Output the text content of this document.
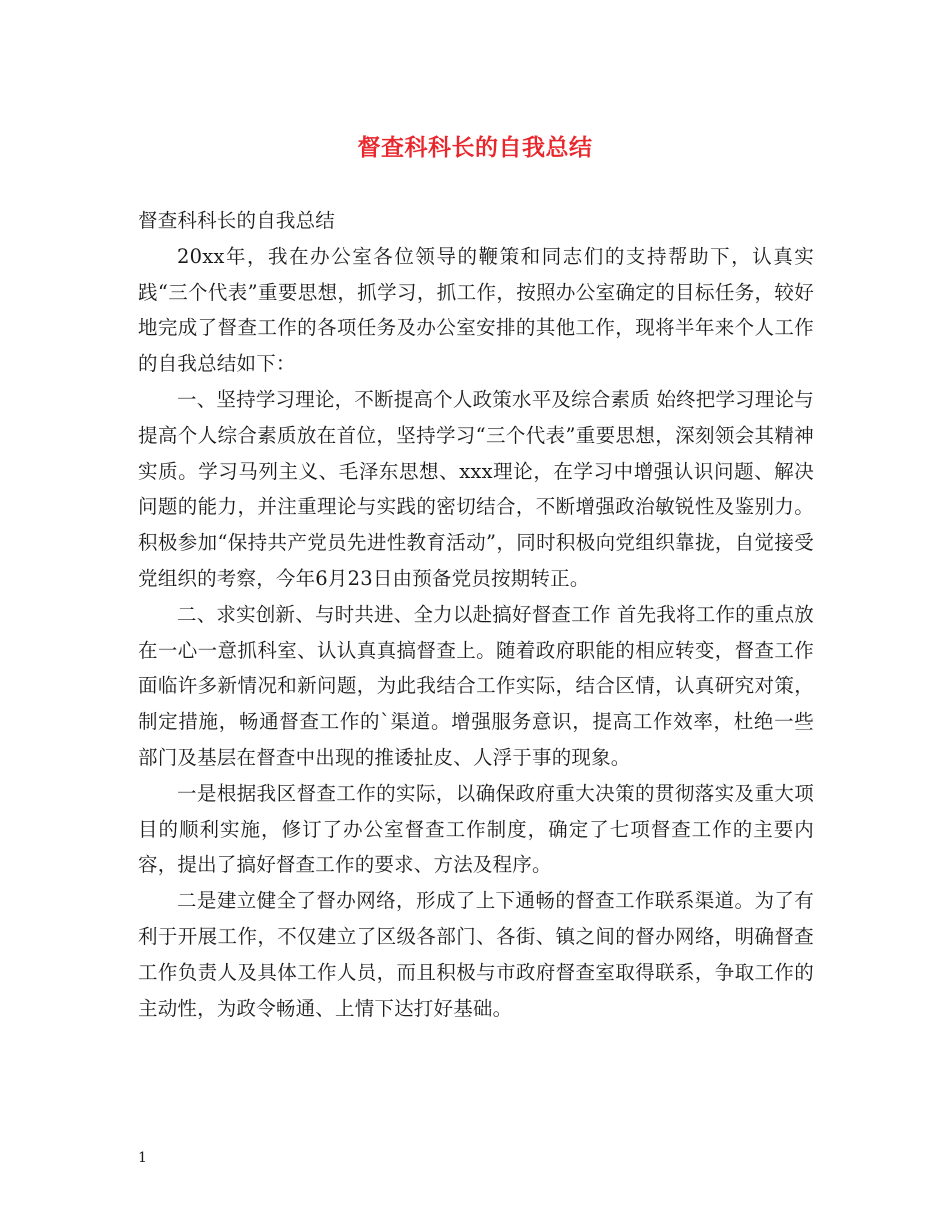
督查科科长的自我总结

督查科科长的自我总结

20xx年，我在办公室各位领导的鞭策和同志们的支持帮助下，认真实践“三个代表”重要思想，抓学习，抓工作，按照办公室确定的目标任务，较好地完成了督查工作的各项任务及办公室安排的其他工作，现将半年来个人工作的自我总结如下：

一、坚持学习理论，不断提高个人政策水平及综合素质 始终把学习理论与提高个人综合素质放在首位，坚持学习“三个代表”重要思想，深刻领会其精神实质。学习马列主义、毛泽东思想、xxx理论，在学习中增强认识问题、解决问题的能力，并注重理论与实践的密切结合，不断增强政治敏锐性及鉴别力。积极参加“保持共产党员先进性教育活动”，同时积极向党组织靠拢，自觉接受党组织的考察，今年6月23日由预备党员按期转正。

二、求实创新、与时共进、全力以赴搞好督查工作 首先我将工作的重点放在一心一意抓科室、认认真真搞督查上。随着政府职能的相应转变，督查工作面临许多新情况和新问题，为此我结合工作实际，结合区情，认真研究对策，制定措施，畅通督查工作的`渠道。增强服务意识，提高工作效率，杜绝一些部门及基层在督查中出现的推诿扯皮、人浮于事的现象。

一是根据我区督查工作的实际，以确保政府重大决策的贯彻落实及重大项目的顺利实施，修订了办公室督查工作制度，确定了七项督查工作的主要内容，提出了搞好督查工作的要求、方法及程序。

二是建立健全了督办网络，形成了上下通畅的督查工作联系渠道。为了有利于开展工作，不仅建立了区级各部门、各街、镇之间的督办网络，明确督查工作负责人及具体工作人员，而且积极与市政府督查室取得联系，争取工作的主动性，为政令畅通、上情下达打好基础。

1
